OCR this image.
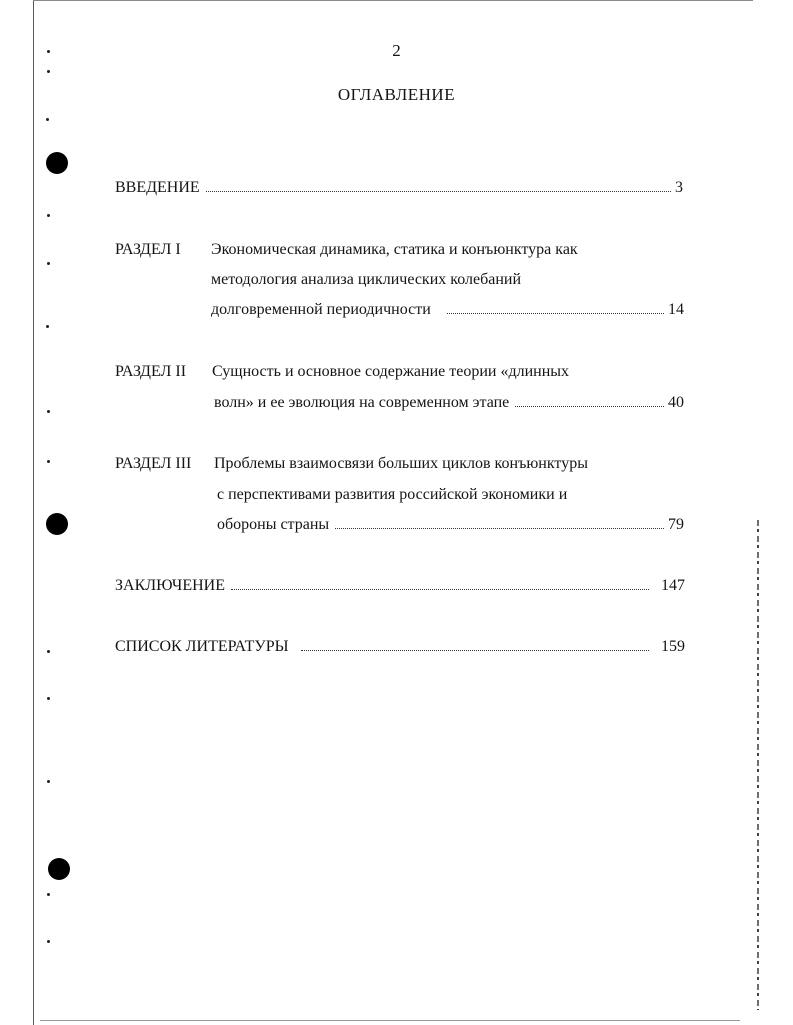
2
ОГЛАВЛЕНИЕ
ВВЕДЕНИЕ	3
РАЗДЕЛ I Экономическая динамика, статика и конъюнктура как
методология анализа циклических колебаний
долговременной периодичности	14
РАЗДЕЛ II Сущность и основное содержание теории «длинных
волн» и ее эволюция на современном этапе	40
РАЗДЕЛ III Проблемы взаимосвязи больших циклов конъюнктуры
с перспективами развития российской экономики и
обороны страны	79
ЗАКЛЮЧЕНИЕ	147
СПИСОК ЛИТЕРАТУРЫ	159
